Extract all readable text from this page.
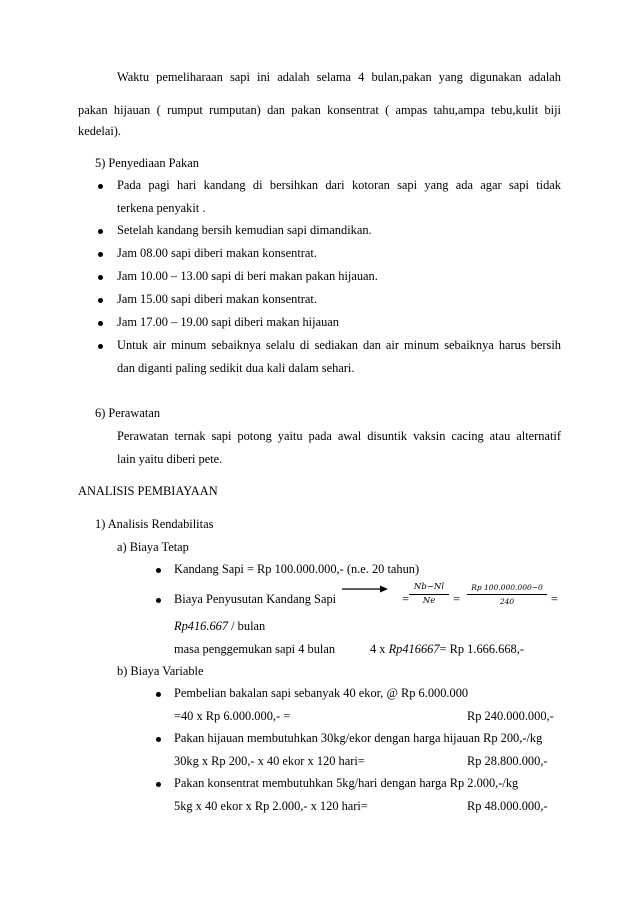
Waktu pemeliharaan sapi ini adalah selama 4 bulan,pakan yang digunakan adalah
pakan hijauan ( rumput rumputan) dan pakan konsentrat ( ampas tahu,ampa tebu,kulit biji
kedelai).
5) Penyediaan Pakan
Pada pagi hari kandang di bersihkan dari kotoran sapi yang ada agar sapi tidak
terkena penyakit .
Setelah kandang bersih kemudian sapi dimandikan.
Jam 08.00 sapi diberi makan konsentrat.
Jam 10.00 – 13.00 sapi di beri makan pakan hijauan.
Jam 15.00 sapi diberi makan konsentrat.
Jam 17.00 – 19.00 sapi diberi makan hijauan
Untuk air minum sebaiknya selalu di sediakan dan air minum sebaiknya harus bersih
dan diganti paling sedikit dua kali dalam sehari.
6) Perawatan
Perawatan ternak sapi potong yaitu pada awal disuntik vaksin cacing atau alternatif
lain yaitu diberi pete.
ANALISIS PEMBIAYAAN
1) Analisis Rendabilitas
a) Biaya Tetap
Kandang Sapi = Rp 100.000.000,- (n.e. 20 tahun)
Biaya Penyusutan Kandang Sapi	=
Nb−Nl
Ne =
Rp 100.000.000−0
240	=
Rp416.667 / bulan
masa penggemukan sapi 4 bulan	4 x Rp416667= Rp 1.666.668,-
b) Biaya Variable
Pembelian bakalan sapi sebanyak 40 ekor, @ Rp 6.000.000
=40 x Rp 6.000.000,- =	Rp 240.000.000,-
Pakan hijauan membutuhkan 30kg/ekor dengan harga hijauan Rp 200,-/kg
30kg x Rp 200,- x 40 ekor x 120 hari=	Rp 28.800.000,-
Pakan konsentrat membutuhkan 5kg/hari dengan harga Rp 2.000,-/kg
5kg x 40 ekor x Rp 2.000,- x 120 hari=	Rp 48.000.000,-
